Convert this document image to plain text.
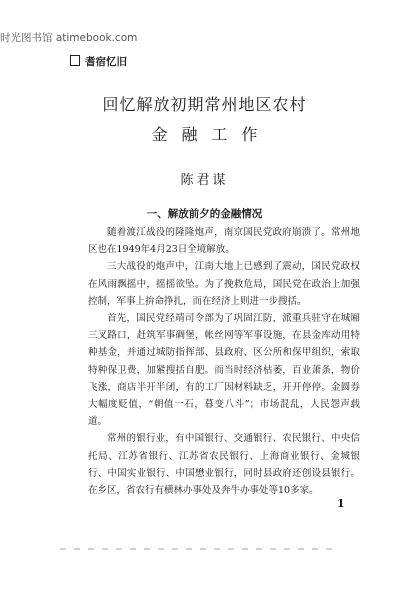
时光图书馆 atimebook.com
耆宿忆旧
回忆解放初期常州地区农村
金融工作
陈君谋
一、解放前夕的金融情况

随着渡江战役的隆隆炮声，南京国民党政府崩溃了。常州地区也在1949年4月23日全境解放。

三大战役的炮声中，江南大地上已感到了震动，国民党政权在风雨飘摇中，摇摇欲坠。为了挽救危局，国民党在政治上加强控制，军事上拚命挣扎，而在经济上则进一步搜括。

首先，国民党经靖司令部为了巩固江防，派重兵驻守在城厢三叉路口，赶筑军事碉堡，帐丝网等军事设施，在县金库动用特种基金，并通过城防指挥部、县政府、区公所和保甲组织，索取特种保卫费，加紧搜括自肥。而当时经济枯萎，百业萧条，物价飞涨，商店半开半闭，有的工厂因材料缺乏，开开停停。金圆券大幅度贬值，“朝值一石，暮变八斗”；市场混乱，人民怨声载道。

常州的银行业，有中国银行、交通银行、农民银行、中央信托局、江苏省银行、江苏省农民银行、上海商业银行、金城银行、中国实业银行、中国懋业银行，同时县政府还创设县银行。在乡区，省农行有横林办事处及奔牛办事处等10多家。

1
